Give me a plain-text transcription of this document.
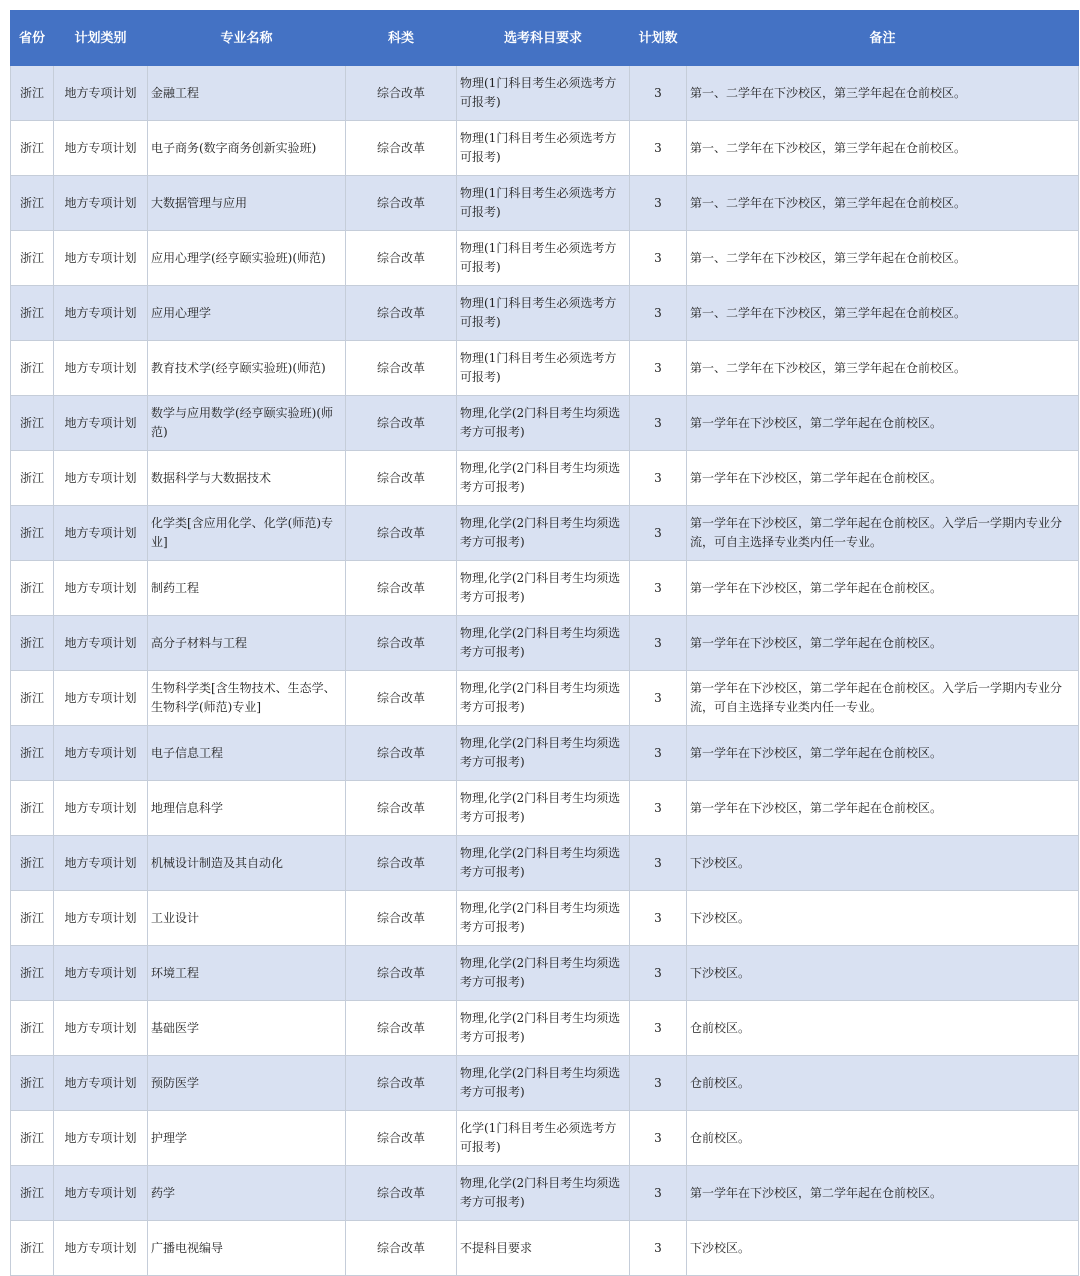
省份	计划类别	专业名称	科类	选考科目要求	计划数	备注
浙江	地方专项计划	金融工程	综合改革	物理(1门科目考生必须选考方可报考)	3	第一、二学年在下沙校区，第三学年起在仓前校区。
浙江	地方专项计划	电子商务(数字商务创新实验班)	综合改革	物理(1门科目考生必须选考方可报考)	3	第一、二学年在下沙校区，第三学年起在仓前校区。
浙江	地方专项计划	大数据管理与应用	综合改革	物理(1门科目考生必须选考方可报考)	3	第一、二学年在下沙校区，第三学年起在仓前校区。
浙江	地方专项计划	应用心理学(经亨颐实验班)(师范)	综合改革	物理(1门科目考生必须选考方可报考)	3	第一、二学年在下沙校区，第三学年起在仓前校区。
浙江	地方专项计划	应用心理学	综合改革	物理(1门科目考生必须选考方可报考)	3	第一、二学年在下沙校区，第三学年起在仓前校区。
浙江	地方专项计划	教育技术学(经亨颐实验班)(师范)	综合改革	物理(1门科目考生必须选考方可报考)	3	第一、二学年在下沙校区，第三学年起在仓前校区。
浙江	地方专项计划	数学与应用数学(经亨颐实验班)(师范)	综合改革	物理,化学(2门科目考生均须选考方可报考)	3	第一学年在下沙校区，第二学年起在仓前校区。
浙江	地方专项计划	数据科学与大数据技术	综合改革	物理,化学(2门科目考生均须选考方可报考)	3	第一学年在下沙校区，第二学年起在仓前校区。
浙江	地方专项计划	化学类[含应用化学、化学(师范)专业]	综合改革	物理,化学(2门科目考生均须选考方可报考)	3	第一学年在下沙校区，第二学年起在仓前校区。入学后一学期内专业分流，可自主选择专业类内任一专业。
浙江	地方专项计划	制药工程	综合改革	物理,化学(2门科目考生均须选考方可报考)	3	第一学年在下沙校区，第二学年起在仓前校区。
浙江	地方专项计划	高分子材料与工程	综合改革	物理,化学(2门科目考生均须选考方可报考)	3	第一学年在下沙校区，第二学年起在仓前校区。
浙江	地方专项计划	生物科学类[含生物技术、生态学、生物科学(师范)专业]	综合改革	物理,化学(2门科目考生均须选考方可报考)	3	第一学年在下沙校区，第二学年起在仓前校区。入学后一学期内专业分流，可自主选择专业类内任一专业。
浙江	地方专项计划	电子信息工程	综合改革	物理,化学(2门科目考生均须选考方可报考)	3	第一学年在下沙校区，第二学年起在仓前校区。
浙江	地方专项计划	地理信息科学	综合改革	物理,化学(2门科目考生均须选考方可报考)	3	第一学年在下沙校区，第二学年起在仓前校区。
浙江	地方专项计划	机械设计制造及其自动化	综合改革	物理,化学(2门科目考生均须选考方可报考)	3	下沙校区。
浙江	地方专项计划	工业设计	综合改革	物理,化学(2门科目考生均须选考方可报考)	3	下沙校区。
浙江	地方专项计划	环境工程	综合改革	物理,化学(2门科目考生均须选考方可报考)	3	下沙校区。
浙江	地方专项计划	基础医学	综合改革	物理,化学(2门科目考生均须选考方可报考)	3	仓前校区。
浙江	地方专项计划	预防医学	综合改革	物理,化学(2门科目考生均须选考方可报考)	3	仓前校区。
浙江	地方专项计划	护理学	综合改革	化学(1门科目考生必须选考方可报考)	3	仓前校区。
浙江	地方专项计划	药学	综合改革	物理,化学(2门科目考生均须选考方可报考)	3	第一学年在下沙校区，第二学年起在仓前校区。
浙江	地方专项计划	广播电视编导	综合改革	不提科目要求	3	下沙校区。
